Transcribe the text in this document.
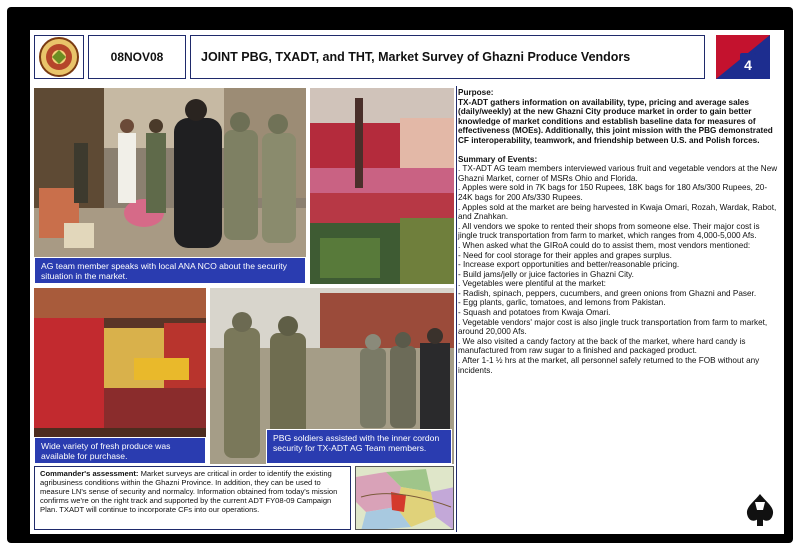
08NOV08	JOINT PBG, TXADT, and THT, Market Survey of Ghazni Produce Vendors	4
AG team member speaks with local ANA NCO about the security situation in the market.
Wide variety of fresh produce was available for purchase.
PBG soldiers assisted with the inner cordon security for TX-ADT AG Team members.
Commander's assessment: Market surveys are critical in order to identify the existing agribusiness conditions within the Ghazni Province. In addition, they can be used to measure LN's sense of security and normalcy. Information obtained from today's mission confirms we're on the right track and supported by the current ADT FY08-09 Campaign Plan. TXADT will continue to incorporate CFs into our operations.

Purpose:

TX-ADT gathers information on availability, type, pricing and average sales (daily/weekly) at the new Ghazni City produce market in order to gain better knowledge of market conditions and establish baseline data for measures of effectiveness (MOEs). Additionally, this joint mission with the PBG demonstrated CF interoperability, teamwork, and friendship between U.S. and Polish forces.

Summary of Events:

. TX-ADT AG team members interviewed various fruit and vegetable vendors at the New Ghazni Market, corner of MSRs Ohio and Florida.

. Apples were sold in 7K bags for 150 Rupees, 18K bags for 180 Afs/300 Rupees, 20-24K bags for 200 Afs/330 Rupees.

. Apples sold at the market are being harvested in Kwaja Omari, Rozah, Wardak, Rabot, and Znahkan.

. All vendors we spoke to rented their shops from someone else. Their major cost is jingle truck transportation from farm to market, which ranges from 4,000-5,000 Afs.

. When asked what the GIRoA could do to assist them, most vendors mentioned:

- Need for cool storage for their apples and grapes surplus.

- Increase export opportunities and better/reasonable pricing.

- Build jams/jelly or juice factories in Ghazni City.

. Vegetables were plentiful at the market:

- Radish, spinach, peppers, cucumbers, and green onions from Ghazni and Paser.

- Egg plants, garlic, tomatoes, and lemons from Pakistan.

- Squash and potatoes from Kwaja Omari.

. Vegetable vendors' major cost is also jingle truck transportation from farm to market, around 20,000 Afs.

. We also visited a candy factory at the back of the market, where hard candy is manufactured from raw sugar to a finished and packaged product.

. After 1-1 ½ hrs at the market, all personnel safely returned to the FOB without any incidents.
